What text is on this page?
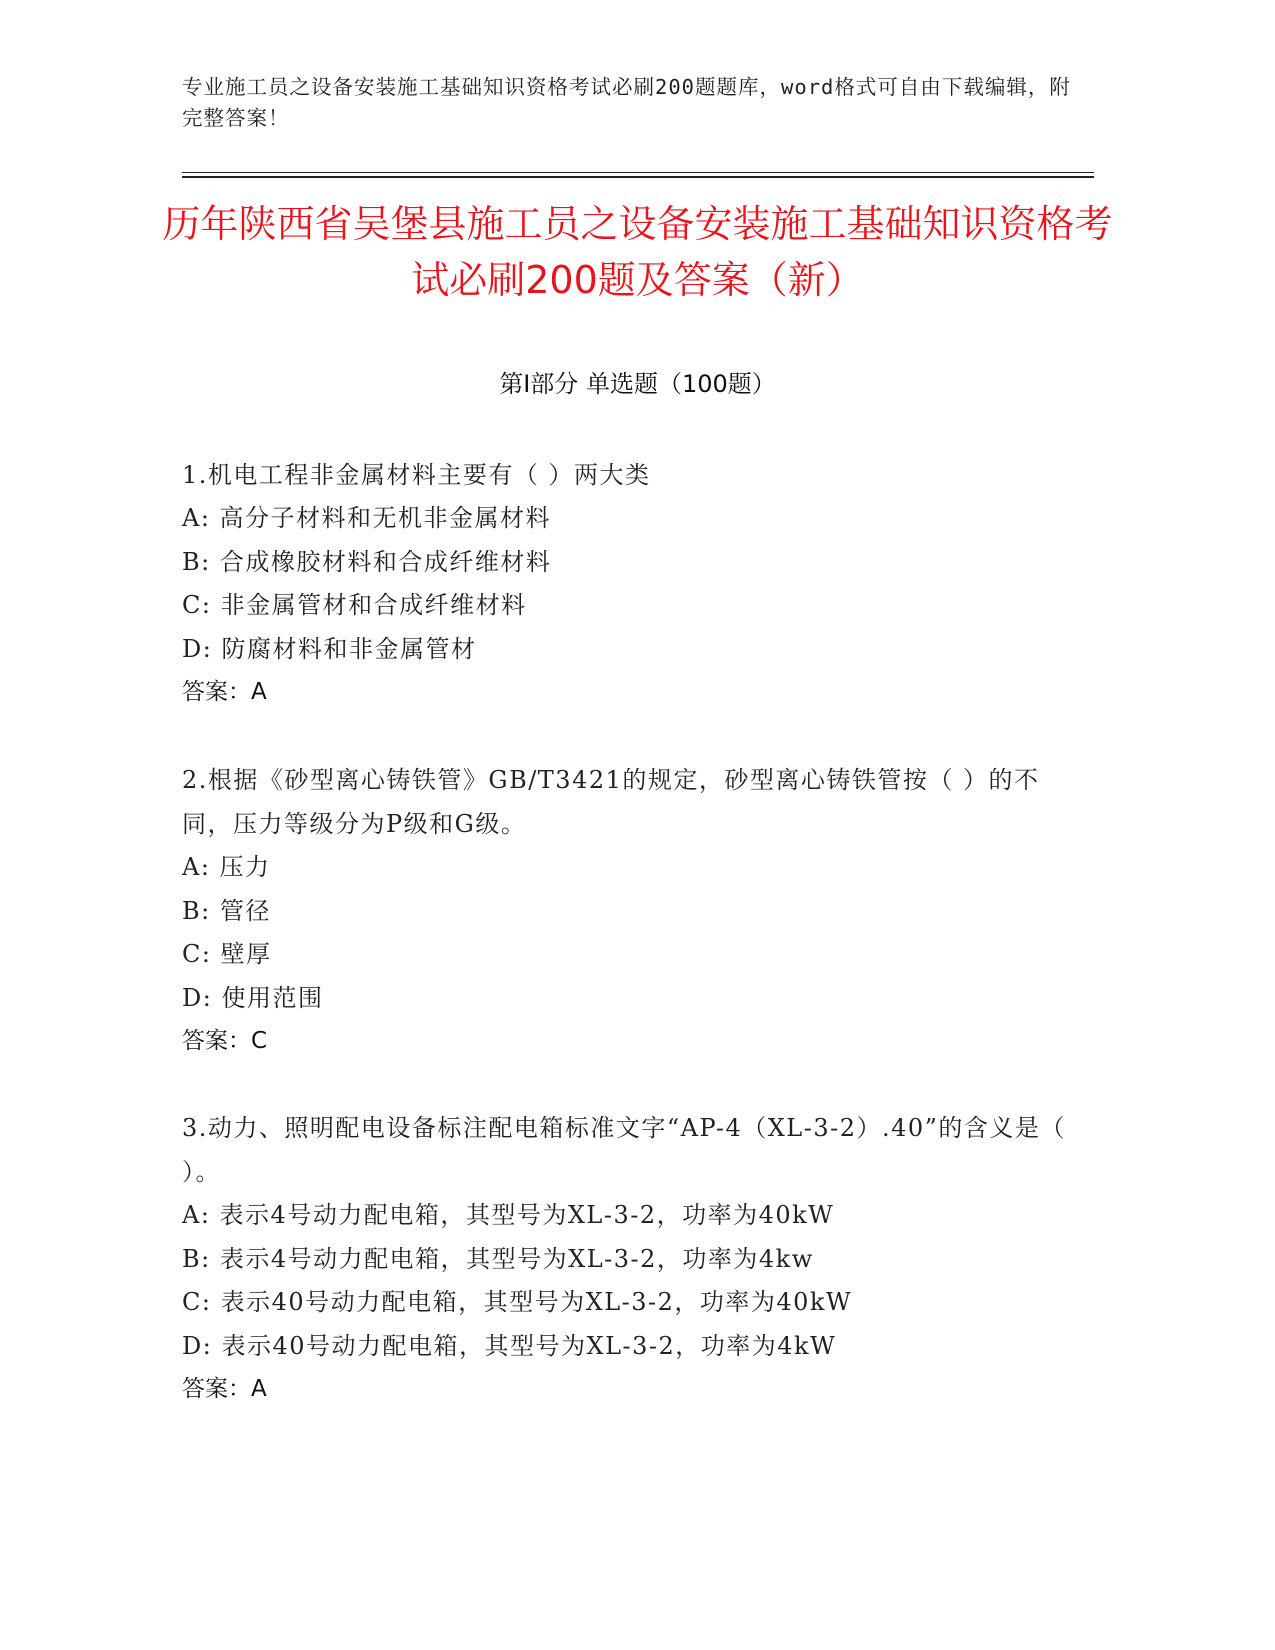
专业施工员之设备安装施工基础知识资格考试必刷200题题库，word格式可自由下载编辑，附完整答案！
历年陕西省吴堡县施工员之设备安装施工基础知识资格考试必刷200题及答案（新）
第I部分 单选题（100题）

1.机电工程非金属材料主要有（ ）两大类

A: 高分子材料和无机非金属材料

B: 合成橡胶材料和合成纤维材料

C: 非金属管材和合成纤维材料

D: 防腐材料和非金属管材

答案：A

2.根据《砂型离心铸铁管》GB/T3421的规定，砂型离心铸铁管按（ ）的不同，压力等级分为P级和G级。

A: 压力

B: 管径

C: 壁厚

D: 使用范围

答案：C

3.动力、照明配电设备标注配电箱标准文字“AP-4（XL-3-2）.40”的含义是（ ）。

A: 表示4号动力配电箱，其型号为XL-3-2，功率为40kW

B: 表示4号动力配电箱，其型号为XL-3-2，功率为4kw

C: 表示40号动力配电箱，其型号为XL-3-2，功率为40kW

D: 表示40号动力配电箱，其型号为XL-3-2，功率为4kW

答案：A
